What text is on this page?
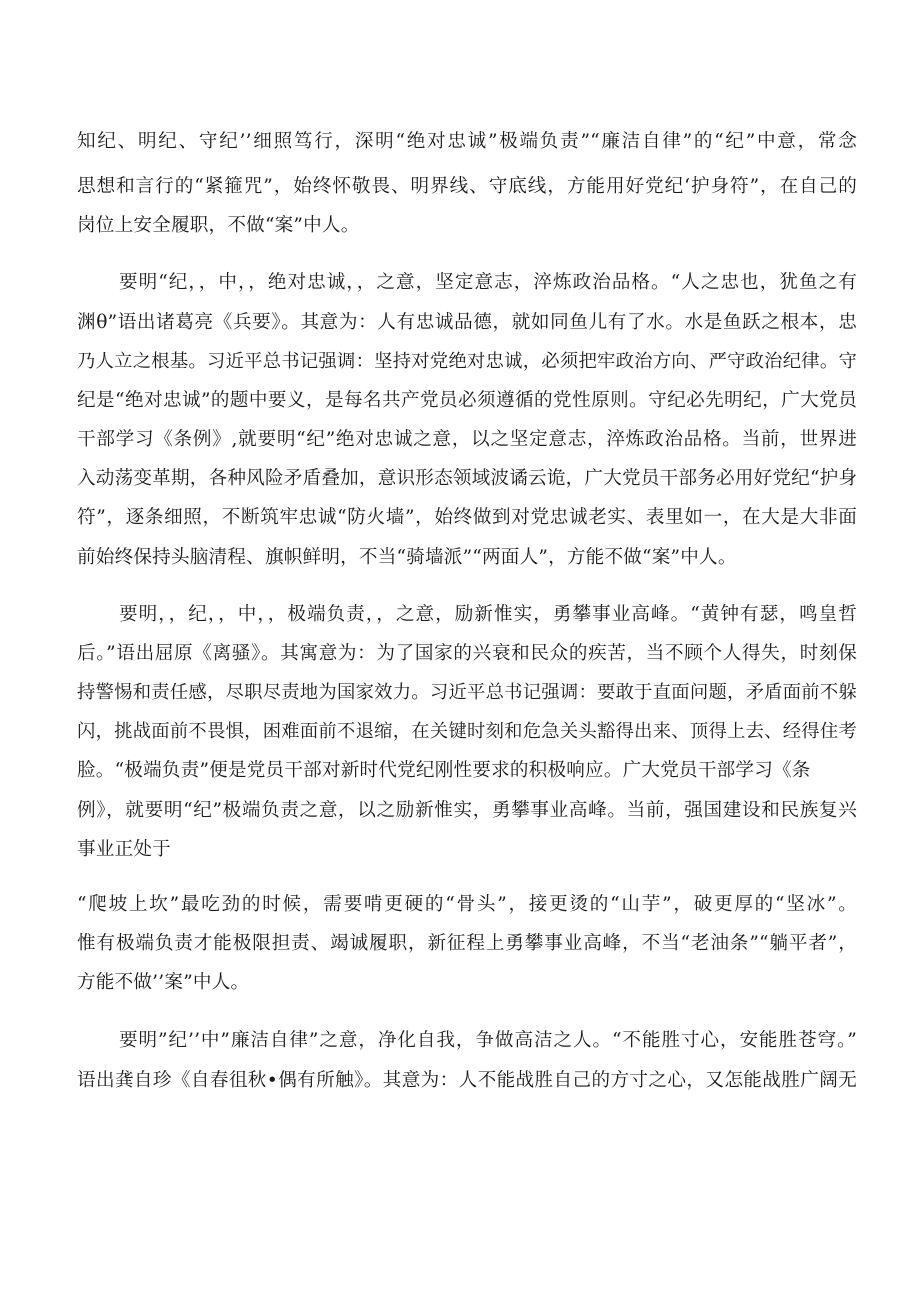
知纪、明纪、守纪’’细照笃行，深明“绝对忠诚”极端负责”“廉洁自律”的“纪”中意，常念
思想和言行的“紧箍咒”，始终怀敬畏、明界线、守底线，方能用好党纪‘护身符”，在自己的
岗位上安全履职，不做“案”中人。
要明“纪，，中，，绝对忠诚，，之意，坚定意志，淬炼政治品格。“人之忠也，犹鱼之有
渊θ”语出诸葛亮《兵要》。其意为：人有忠诚品德，就如同鱼儿有了水。水是鱼跃之根本，忠
乃人立之根基。习近平总书记强调：坚持对党绝对忠诚，必须把牢政治方向、严守政治纪律。守
纪是“绝对忠诚”的题中要义，是每名共产党员必须遵循的党性原则。守纪必先明纪，广大党员
干部学习《条例》,就要明“纪”绝对忠诚之意，以之坚定意志，淬炼政治品格。当前，世界进
入动荡变革期，各种风险矛盾叠加，意识形态领域波谲云诡，广大党员干部务必用好党纪“护身
符”，逐条细照，不断筑牢忠诚“防火墙”，始终做到对党忠诚老实、表里如一，在大是大非面
前始终保持头脑清程、旗帜鲜明，不当“骑墙派”“两面人”，方能不做“案”中人。
要明，，纪，，中，，极端负责，，之意，励新惟实，勇攀事业高峰。“黄钟有瑟，鸣皇哲
后。”语出屈原《离骚》。其寓意为：为了国家的兴衰和民众的疾苦，当不顾个人得失，时刻保
持警惕和责任感，尽职尽责地为国家效力。习近平总书记强调：要敢于直面问题，矛盾面前不躲
闪，挑战面前不畏惧，困难面前不退缩，在关键时刻和危急关头豁得出来、顶得上去、经得住考
脸。“极端负责”便是党员干部对新时代党纪刚性要求的积极响应。广大党员干部学习《条
例》，就要明“纪”极端负责之意，以之励新惟实，勇攀事业高峰。当前，强国建设和民族复兴
事业正处于
“爬坡上坎”最吃劲的时候，需要啃更硬的“骨头”，接更烫的“山芋”，破更厚的“坚冰”。
惟有极端负责才能极限担责、竭诚履职，新征程上勇攀事业高峰，不当“老油条”“躺平者”，
方能不做’’案”中人。
要明”纪’’中”廉洁自律”之意，净化自我，争做高洁之人。“不能胜寸心，安能胜苍穹。”
语出龚自珍《自春徂秋•偶有所触》。其意为：人不能战胜自己的方寸之心，又怎能战胜广阔无
